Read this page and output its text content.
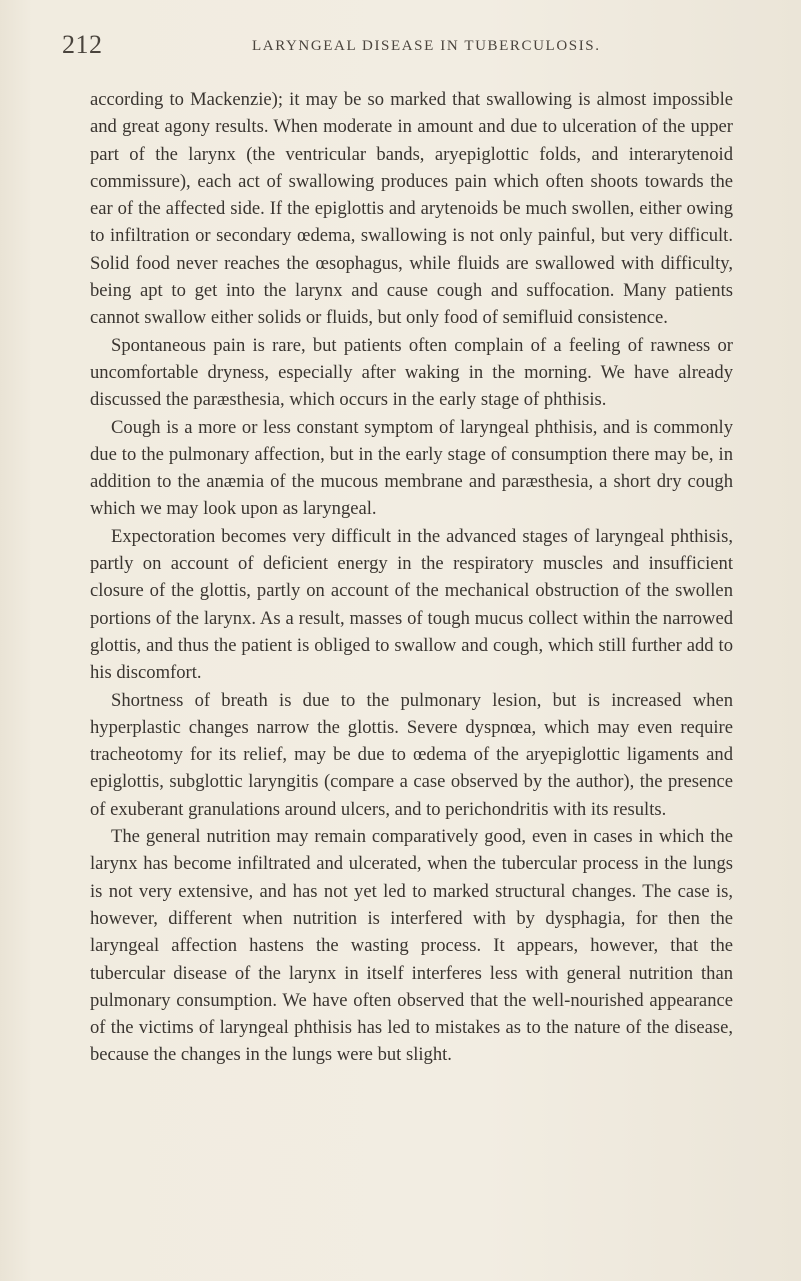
212	LARYNGEAL DISEASE IN TUBERCULOSIS.

according to Mackenzie); it may be so marked that swallowing is almost impossible and great agony results. When moderate in amount and due to ulceration of the upper part of the larynx (the ventricular bands, aryepiglottic folds, and interarytenoid commissure), each act of swallowing produces pain which often shoots towards the ear of the affected side. If the epiglottis and arytenoids be much swollen, either owing to infiltration or secondary œdema, swallowing is not only painful, but very difficult. Solid food never reaches the œsophagus, while fluids are swallowed with difficulty, being apt to get into the larynx and cause cough and suffocation. Many patients cannot swallow either solids or fluids, but only food of semifluid consistence.

Spontaneous pain is rare, but patients often complain of a feeling of rawness or uncomfortable dryness, especially after waking in the morning. We have already discussed the paræsthesia, which occurs in the early stage of phthisis.

Cough is a more or less constant symptom of laryngeal phthisis, and is commonly due to the pulmonary affection, but in the early stage of consumption there may be, in addition to the anæmia of the mucous membrane and paræsthesia, a short dry cough which we may look upon as laryngeal.

Expectoration becomes very difficult in the advanced stages of laryngeal phthisis, partly on account of deficient energy in the respiratory muscles and insufficient closure of the glottis, partly on account of the mechanical obstruction of the swollen portions of the larynx. As a result, masses of tough mucus collect within the narrowed glottis, and thus the patient is obliged to swallow and cough, which still further add to his discomfort.

Shortness of breath is due to the pulmonary lesion, but is increased when hyperplastic changes narrow the glottis. Severe dyspnœa, which may even require tracheotomy for its relief, may be due to œdema of the aryepiglottic ligaments and epiglottis, subglottic laryngitis (compare a case observed by the author), the presence of exuberant granulations around ulcers, and to perichondritis with its results.

The general nutrition may remain comparatively good, even in cases in which the larynx has become infiltrated and ulcerated, when the tubercular process in the lungs is not very extensive, and has not yet led to marked structural changes. The case is, however, different when nutrition is interfered with by dysphagia, for then the laryngeal affection hastens the wasting process. It appears, however, that the tubercular disease of the larynx in itself interferes less with general nutrition than pulmonary consumption. We have often observed that the well-nourished appearance of the victims of laryngeal phthisis has led to mistakes as to the nature of the disease, because the changes in the lungs were but slight.
